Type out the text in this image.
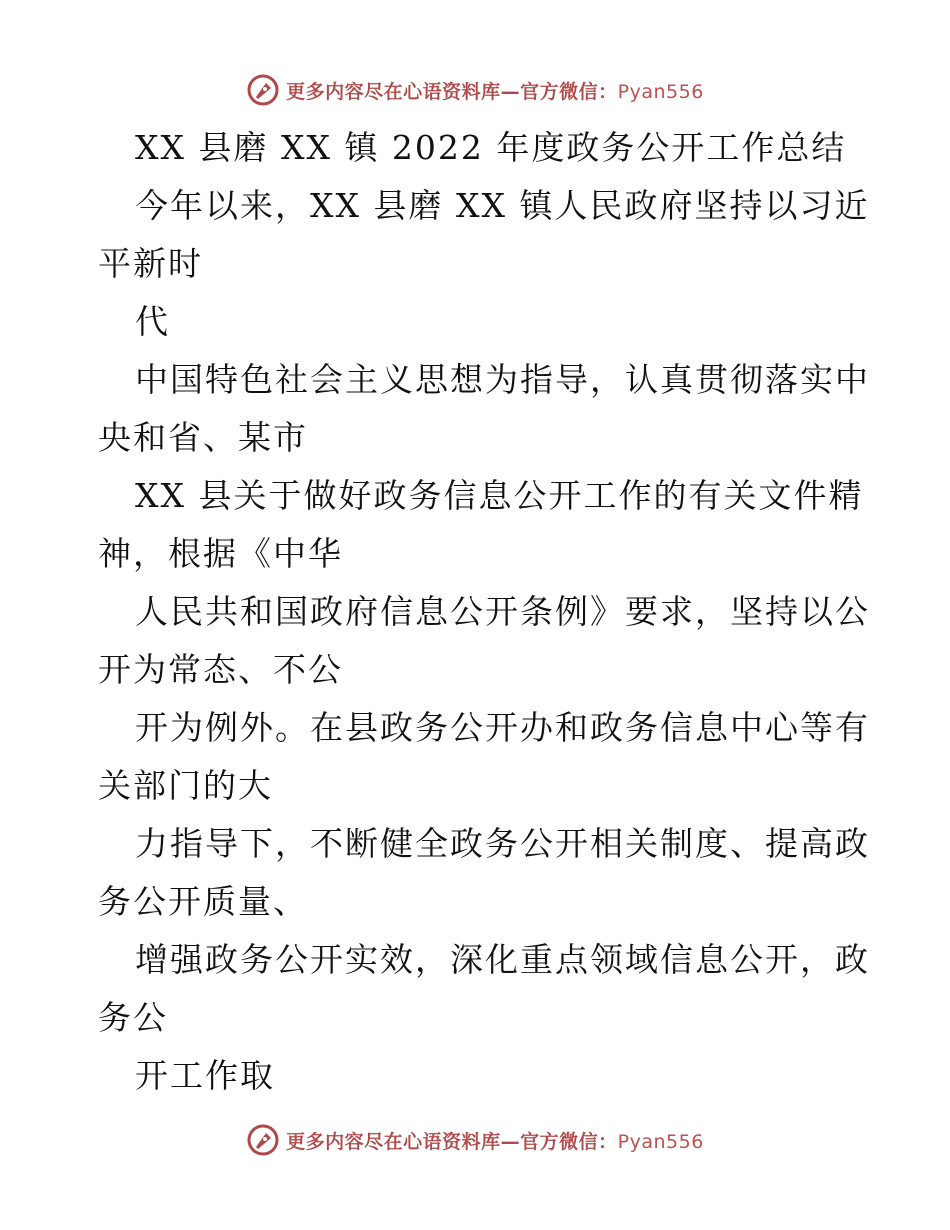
更多内容尽在心语资料库—官方微信：Pyan556
XX 县磨 XX 镇 2022 年度政务公开工作总结
今年以来，XX 县磨 XX 镇人民政府坚持以习近
平新时
代
中国特色社会主义思想为指导，认真贯彻落实中
央和省、某市
XX 县关于做好政务信息公开工作的有关文件精
神，根据《中华
人民共和国政府信息公开条例》要求，坚持以公
开为常态、不公
开为例外。在县政务公开办和政务信息中心等有
关部门的大
力指导下，不断健全政务公开相关制度、提高政
务公开质量、
增强政务公开实效，深化重点领域信息公开，政
务公
开工作取
更多内容尽在心语资料库—官方微信：Pyan556
